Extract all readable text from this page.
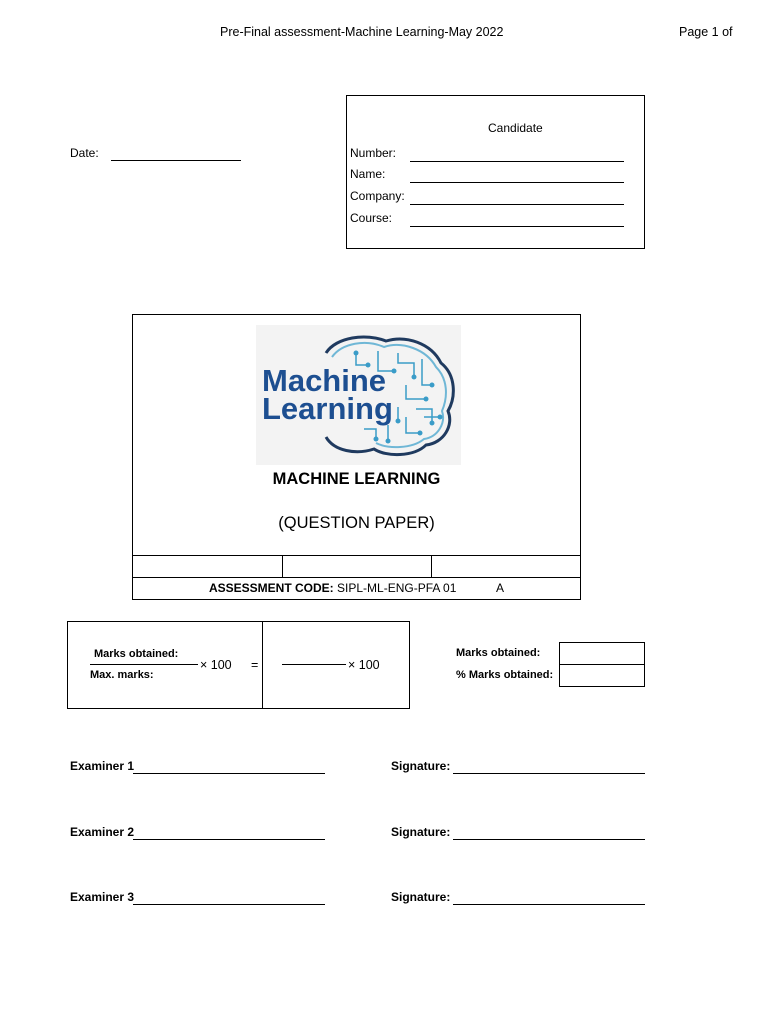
Pre-Final assessment-Machine Learning-May 2022	Page 1 of
Date:
Candidate
Number:
Name:
Company:
Course:
Machine
Learning
MACHINE LEARNING
(QUESTION PAPER)
ASSESSMENT CODE: SIPL-ML-ENG-PFA 01	A
Marks obtained:
Max. marks:
× 100 =	× 100
Marks obtained:
% Marks obtained:
Examiner 1	Signature:
Examiner 2	Signature:
Examiner 3	Signature:
